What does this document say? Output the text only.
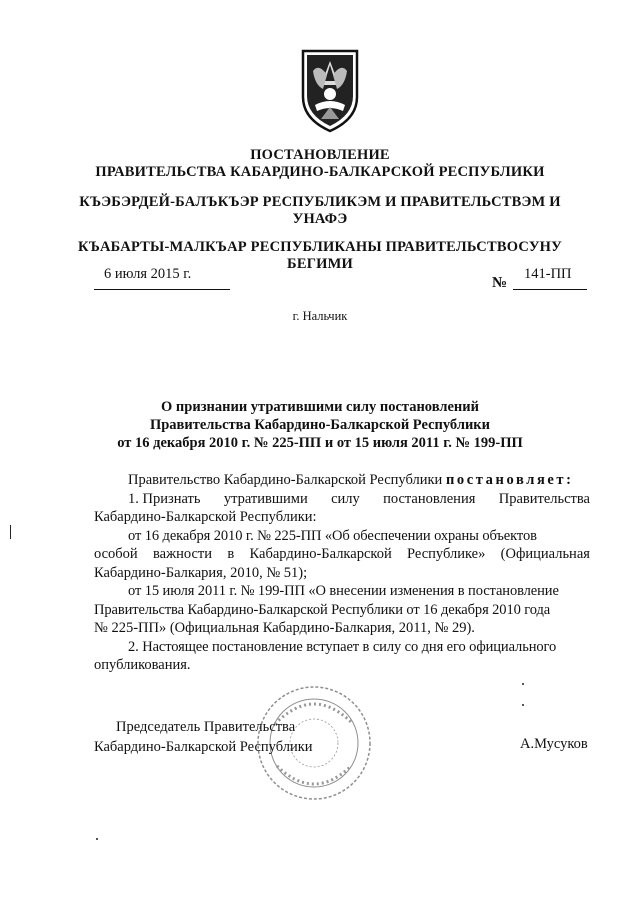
ПОСТАНОВЛЕНИЕ
ПРАВИТЕЛЬСТВА КАБАРДИНО-БАЛКАРСКОЙ РЕСПУБЛИКИ
КЪЭБЭРДЕЙ-БАЛЪКЪЭР РЕСПУБЛИКЭМ И ПРАВИТЕЛЬСТВЭМ И
УНАФЭ
КЪАБАРТЫ-МАЛКЪАР РЕСПУБЛИКАНЫ ПРАВИТЕЛЬСТВОСУНУ
БЕГИМИ
6 июля 2015 г.
№
141-ПП
г. Нальчик
О признании утратившими силу постановлений
Правительства Кабардино-Балкарской Республики
от 16 декабря 2010 г. № 225-ПП и от 15 июля 2011 г. № 199-ПП
Правительство Кабардино-Балкарской Республики постановляет:
1. Признать утратившими силу постановления Правительства
Кабардино-Балкарской Республики:
от 16 декабря 2010 г. № 225-ПП «Об обеспечении охраны объектов
особой важности в Кабардино-Балкарской Республике» (Официальная
Кабардино-Балкария, 2010, № 51);
от 15 июля 2011 г. № 199-ПП «О внесении изменения в постановление
Правительства Кабардино-Балкарской Республики от 16 декабря 2010 года
№ 225-ПП» (Официальная Кабардино-Балкария, 2011, № 29).
2. Настоящее постановление вступает в силу со дня его официального
опубликования.
Председатель Правительства
Кабардино-Балкарской Республики	А.Мусуков
